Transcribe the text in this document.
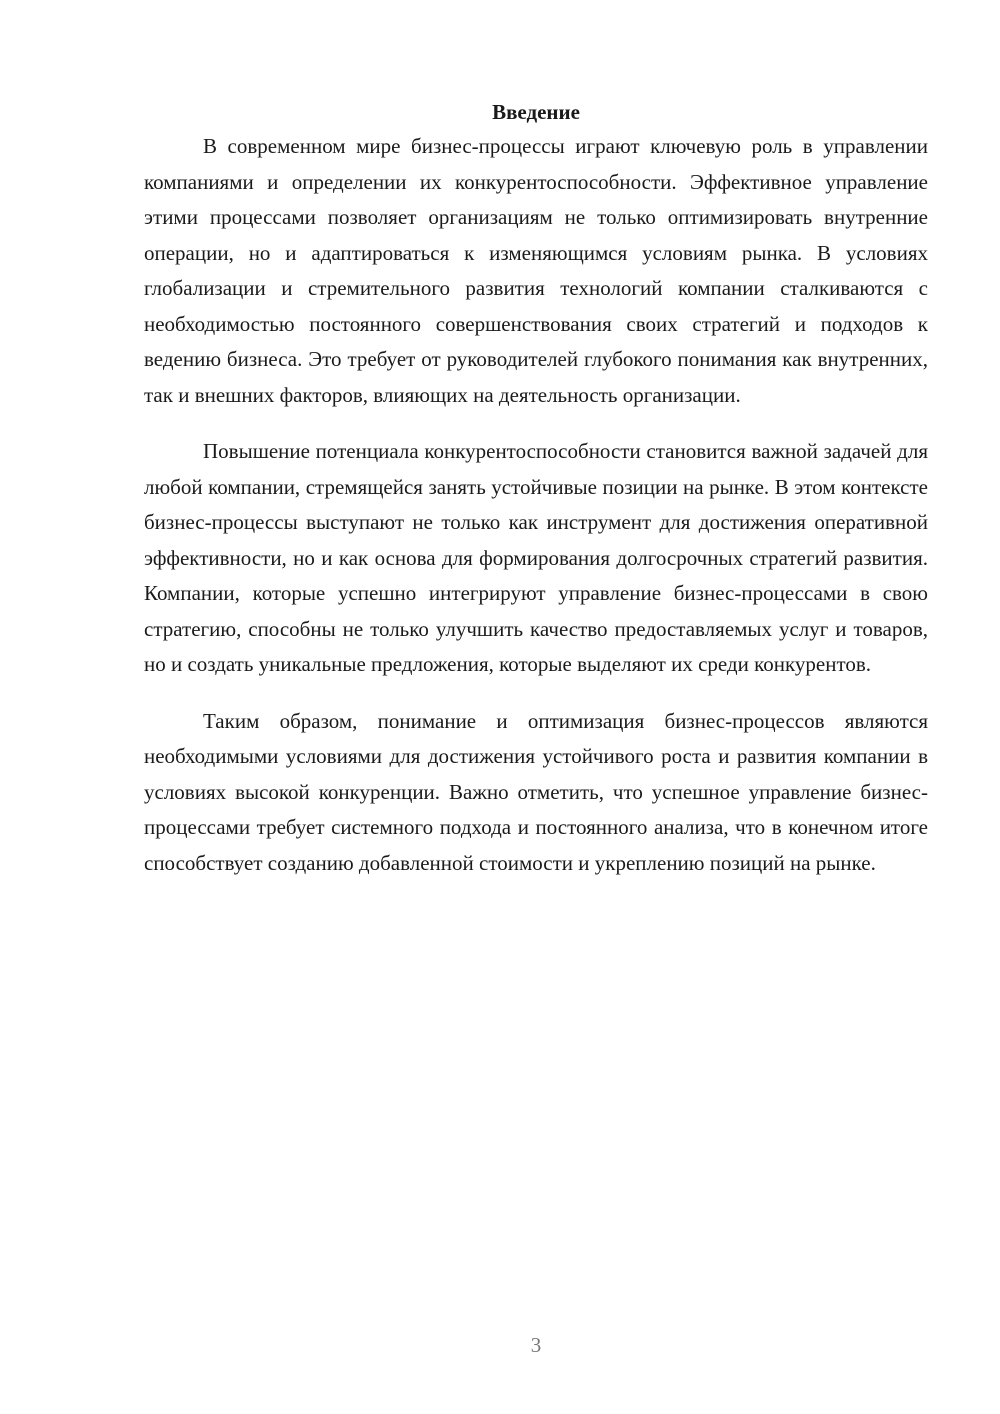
Введение

В современном мире бизнес-процессы играют ключевую роль в управлении компаниями и определении их конкурентоспособности. Эффективное управление этими процессами позволяет организациям не только оптимизировать внутренние операции, но и адаптироваться к изменяющимся условиям рынка. В условиях глобализации и стремительного развития технологий компании сталкиваются с необходимостью постоянного совершенствования своих стратегий и подходов к ведению бизнеса. Это требует от руководителей глубокого понимания как внутренних, так и внешних факторов, влияющих на деятельность организации.

Повышение потенциала конкурентоспособности становится важной задачей для любой компании, стремящейся занять устойчивые позиции на рынке. В этом контексте бизнес-процессы выступают не только как инструмент для достижения оперативной эффективности, но и как основа для формирования долгосрочных стратегий развития. Компании, которые успешно интегрируют управление бизнес-процессами в свою стратегию, способны не только улучшить качество предоставляемых услуг и товаров, но и создать уникальные предложения, которые выделяют их среди конкурентов.

Таким образом, понимание и оптимизация бизнес-процессов являются необходимыми условиями для достижения устойчивого роста и развития компании в условиях высокой конкуренции. Важно отметить, что успешное управление бизнес-процессами требует системного подхода и постоянного анализа, что в конечном итоге способствует созданию добавленной стоимости и укреплению позиций на рынке.

3
